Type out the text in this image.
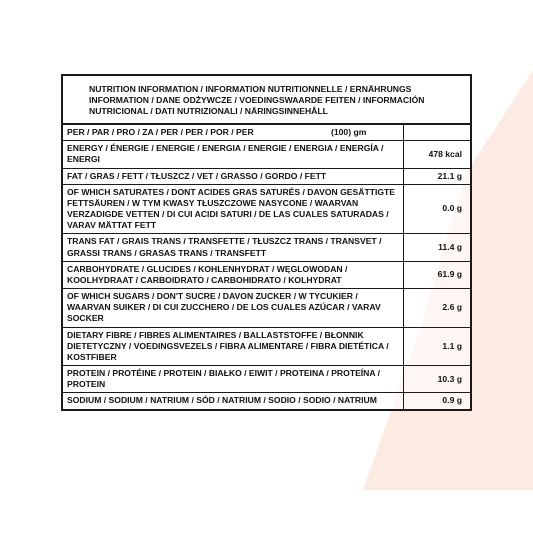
NUTRITION INFORMATION / INFORMATION NUTRITIONNELLE / ERNÄHRUNGS
INFORMATION / DANE ODŻYWCZE / VOEDINGSWAARDE FEITEN / INFORMACIÓN
NUTRICIONAL / DATI NUTRIZIONALI / NÄRINGSINNEHÅLL
PER / PAR / PRO / ZA / PER / PER / POR / PER (100) gm	

ENERGY / ÉNERGIE / ENERGIE / ENERGIA / ENERGIE / ENERGIA / ENERGÍA /
ENERGI	478 kcal

FAT / GRAS / FETT / TŁUSZCZ / VET / GRASSO / GORDO / FETT	21.1 g

OF WHICH SATURATES / DONT ACIDES GRAS SATURÉS / DAVON GESÄTTIGTE
FETTSÄUREN / W TYM KWASY TŁUSZCZOWE NASYCONE / WAARVAN
VERZADIGDE VETTEN / DI CUI ACIDI SATURI / DE LAS CUALES SATURADAS /
VARAV MÄTTAT FETT	0.0 g

TRANS FAT / GRAIS TRANS / TRANSFETTE / TŁUSZCZ TRANS / TRANSVET /
GRASSI TRANS / GRASAS TRANS / TRANSFETT	11.4 g

CARBOHYDRATE / GLUCIDES / KOHLENHYDRAT / WĘGLOWODAN /
KOOLHYDRAAT / CARBOIDRATO / CARBOHIDRATO / KOLHYDRAT	61.9 g

OF WHICH SUGARS / DON'T SUCRE / DAVON ZUCKER / W TYCUKIER /
WAARVAN SUIKER / DI CUI ZUCCHERO / DE LOS CUALES AZÚCAR / VARAV
SOCKER	2.6 g

DIETARY FIBRE / FIBRES ALIMENTAIRES / BALLASTSTOFFE / BŁONNIK
DIETETYCZNY / VOEDINGSVEZELS / FIBRA ALIMENTARE / FIBRA DIETÉTICA /
KOSTFIBER	1.1 g

PROTEIN / PROTÉINE / PROTEIN / BIAŁKO / EIWIT / PROTEINA / PROTEÍNA /
PROTEIN	10.3 g

SODIUM / SODIUM / NATRIUM / SÓD / NATRIUM / SODIO / SODIO / NATRIUM	0.9 g
